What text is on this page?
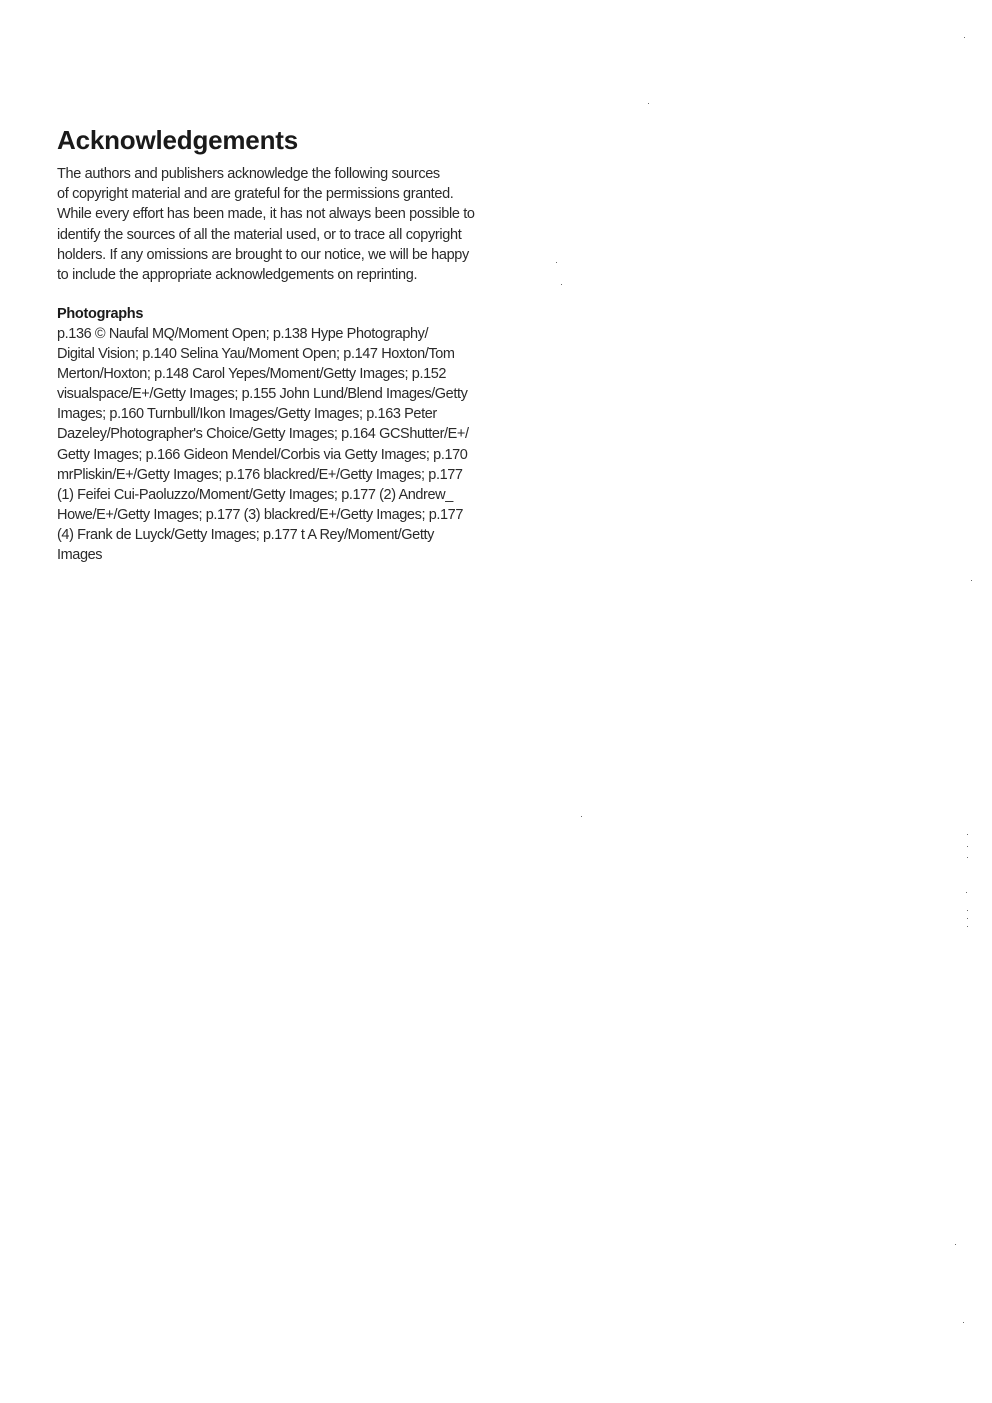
Acknowledgements

The authors and publishers acknowledge the following sources
of copyright material and are grateful for the permissions granted.
While every effort has been made, it has not always been possible to
identify the sources of all the material used, or to trace all copyright
holders. If any omissions are brought to our notice, we will be happy
to include the appropriate acknowledgements on reprinting.

Photographs

p.136 © Naufal MQ/Moment Open; p.138 Hype Photography/
Digital Vision; p.140 Selina Yau/Moment Open; p.147 Hoxton/Tom
Merton/Hoxton; p.148 Carol Yepes/Moment/Getty Images; p.152
visualspace/E+/Getty Images; p.155 John Lund/Blend Images/Getty
Images; p.160 Turnbull/Ikon Images/Getty Images; p.163 Peter
Dazeley/Photographer's Choice/Getty Images; p.164 GCShutter/E+/
Getty Images; p.166 Gideon Mendel/Corbis via Getty Images; p.170
mrPliskin/E+/Getty Images; p.176 blackred/E+/Getty Images; p.177
(1) Feifei Cui-Paoluzzo/Moment/Getty Images; p.177 (2) Andrew_
Howe/E+/Getty Images; p.177 (3) blackred/E+/Getty Images; p.177
(4) Frank de Luyck/Getty Images; p.177 t A Rey/Moment/Getty
Images
